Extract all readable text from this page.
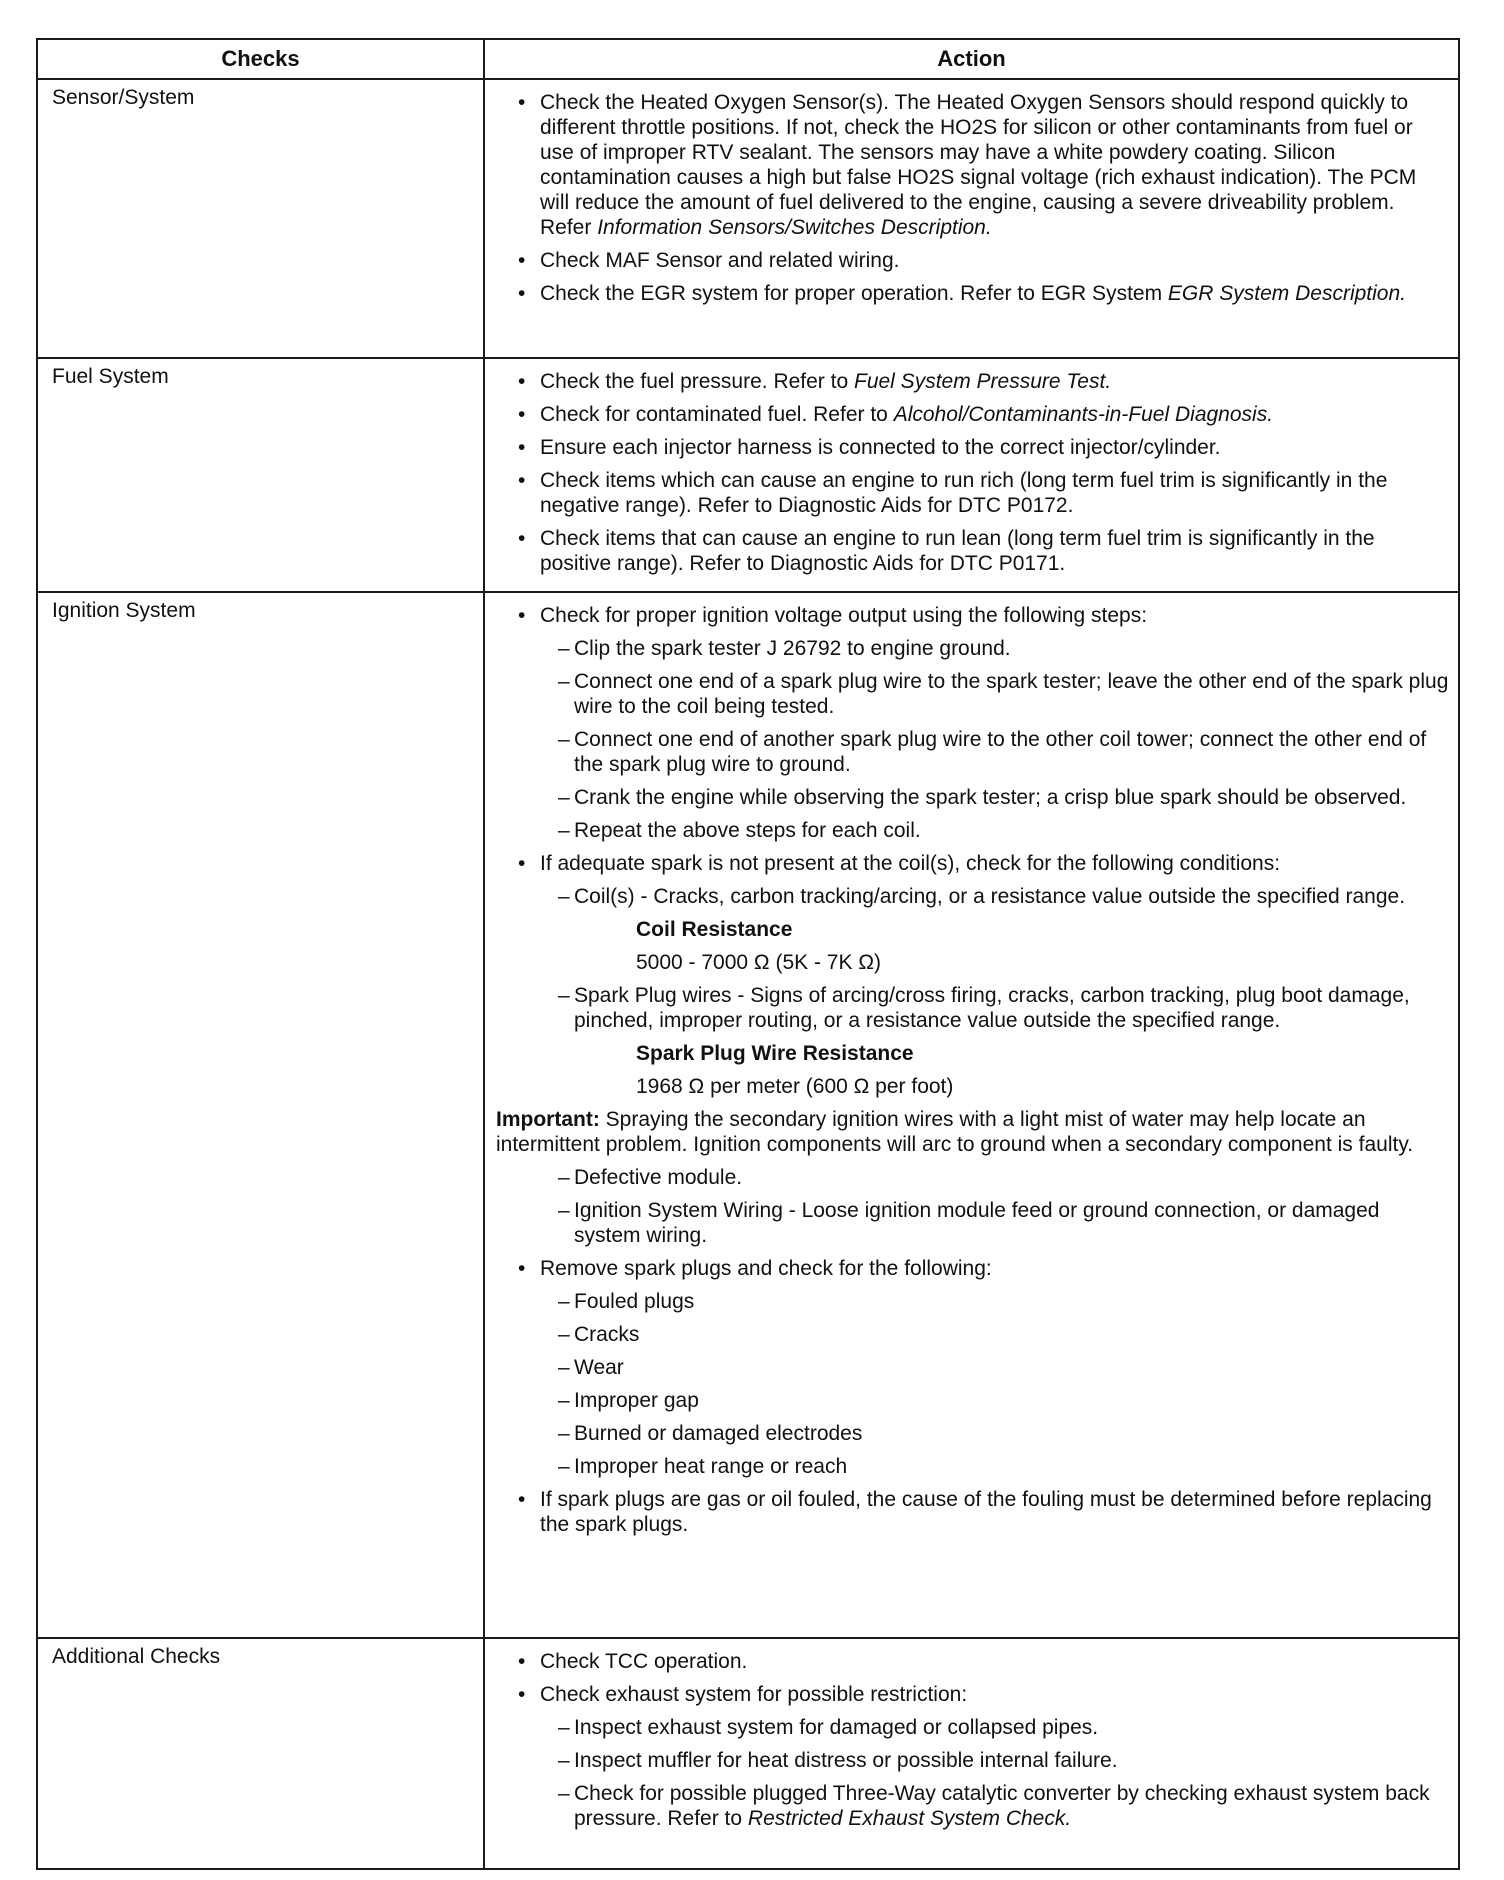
Checks	Action
Sensor/System	• Check the Heated Oxygen Sensor(s). The Heated Oxygen Sensors should respond quickly to different throttle positions. If not, check the HO2S for silicon or other contaminants from fuel or use of improper RTV sealant. The sensors may have a white powdery coating. Silicon contamination causes a high but false HO2S signal voltage (rich exhaust indication). The PCM will reduce the amount of fuel delivered to the engine, causing a severe driveability problem. Refer Information Sensors/Switches Description.
• Check MAF Sensor and related wiring.
• Check the EGR system for proper operation. Refer to EGR System EGR System Description.
Fuel System	• Check the fuel pressure. Refer to Fuel System Pressure Test.
• Check for contaminated fuel. Refer to Alcohol/Contaminants-in-Fuel Diagnosis.
• Ensure each injector harness is connected to the correct injector/cylinder.
• Check items which can cause an engine to run rich (long term fuel trim is significantly in the negative range). Refer to Diagnostic Aids for DTC P0172.
• Check items that can cause an engine to run lean (long term fuel trim is significantly in the positive range). Refer to Diagnostic Aids for DTC P0171.
Ignition System	• Check for proper ignition voltage output using the following steps:
– Clip the spark tester J 26792 to engine ground.
– Connect one end of a spark plug wire to the spark tester; leave the other end of the spark plug wire to the coil being tested.
– Connect one end of another spark plug wire to the other coil tower; connect the other end of the spark plug wire to ground.
– Crank the engine while observing the spark tester; a crisp blue spark should be observed.
– Repeat the above steps for each coil.
• If adequate spark is not present at the coil(s), check for the following conditions:
– Coil(s) - Cracks, carbon tracking/arcing, or a resistance value outside the specified range.
Coil Resistance
5000 - 7000 Ω (5K - 7K Ω)
– Spark Plug wires - Signs of arcing/cross firing, cracks, carbon tracking, plug boot damage, pinched, improper routing, or a resistance value outside the specified range.
Spark Plug Wire Resistance
1968 Ω per meter (600 Ω per foot)
Important: Spraying the secondary ignition wires with a light mist of water may help locate an intermittent problem. Ignition components will arc to ground when a secondary component is faulty.
– Defective module.
– Ignition System Wiring - Loose ignition module feed or ground connection, or damaged system wiring.
• Remove spark plugs and check for the following:
– Fouled plugs
– Cracks
– Wear
– Improper gap
– Burned or damaged electrodes
– Improper heat range or reach
• If spark plugs are gas or oil fouled, the cause of the fouling must be determined before replacing the spark plugs.
Additional Checks	• Check TCC operation.
• Check exhaust system for possible restriction:
– Inspect exhaust system for damaged or collapsed pipes.
– Inspect muffler for heat distress or possible internal failure.
– Check for possible plugged Three-Way catalytic converter by checking exhaust system back pressure. Refer to Restricted Exhaust System Check.
